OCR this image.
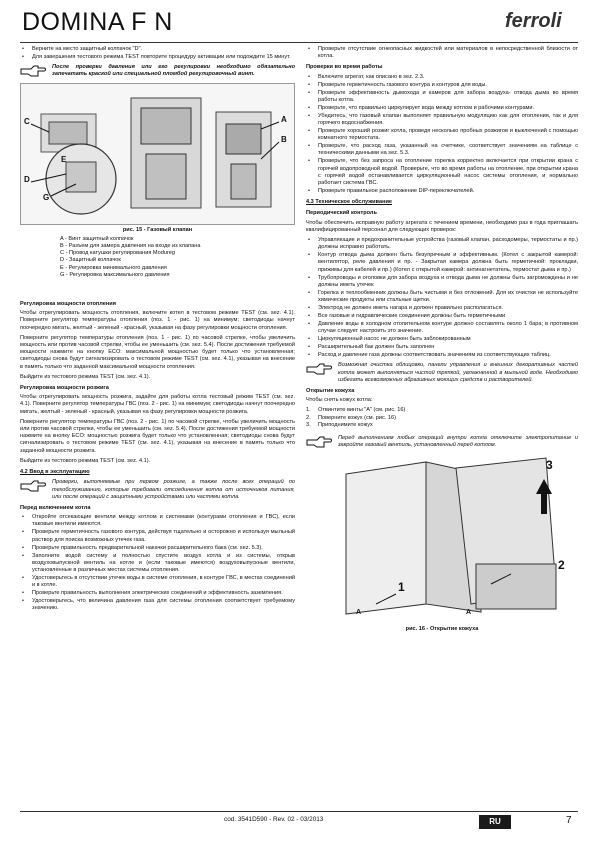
DOMINA F N	ferroli
• Верните на место защитный колпачок "D".
• Для завершения тестового режима TEST повторите процедуру активации или подождите 15 минут.
После проверки давления или его регулировки необходимо обязательно запечатать краской или специальной пломбой регулировочный винт.
C
D
E
G
A
B
рис. 15 - Газовый клапан
A - Винт защитный колпачок
B - Разъем для замера давления на входе из клапана
C - Провод катушки регулирования Modureg
D - Защитный колпачок
E - Регулировка минимального давления
G - Регулировка максимального давления
Регулировка мощности отопления

Чтобы отрегулировать мощность отопления, включите котел в тестовом режиме TEST (см. sez. 4.1). Поверните регулятор температуры отопления (поз. 1 - рис. 1) на минимум; светодиоды начнут поочередно мигать, желтый - зеленый - красный, указывая на фазу регулировки мощности отопления.

Поверните регулятор температуры отопления (поз. 1 - рис. 1) по часовой стрелке, чтобы увеличить мощность или против часовой стрелки, чтобы ее уменьшить (см. sez. 5.4). После достижения требуемой мощности нажмите на кнопку ECO: максимальной мощностью будет только что установленная; светодиоды снова будут сигнализировать о тестовом режиме TEST (см. sez. 4.1), указывая на внесение в память только что заданной максимальной мощности отопления.

Выйдите из тестового режима TEST (см. sez. 4.1).

Регулировка мощности розжига

Чтобы отрегулировать мощность розжига, задайте для работы котла тестовый режим TEST (см. sez. 4.1). Поверните регулятор температуры ГВС (поз. 2 - рис. 1) на минимум; светодиоды начнут поочередно мигать, желтый - зеленый - красный, указывая на фазу регулировки мощности розжига.

Поверните регулятор температуры ГВС (поз. 2 - рис. 1) по часовой стрелке, чтобы увеличить мощность или против часовой стрелки, чтобы ее уменьшить (см. sez. 5.4). После достижения требуемой мощности нажмите на кнопку ECO: мощностью розжига будет только что установленная; светодиоды снова будут сигнализировать о тестовом режиме TEST (см. sez. 4.1), указывая на внесение в память только что заданной мощности розжига.

Выйдите из тестового режима TEST (см. sez. 4.1).

4.2 Ввод в эксплуатацию
Проверки, выполняемые при первом розжиге, а также после всех операций по техобслуживанию, которые требовали отсоединения котла от источников питания, или после операций с защитными устройствами или частями котла.
Перед включением котла
• Откройте отсекающие вентили между котлом и системами (контурами отопления и ГВС), если таковые вентили имеются.
• Проверьте герметичность газового контура, действуя тщательно и осторожно и используя мыльный раствор для поиска возможных утечек газа.
• Проверьте правильность предварительной накачки расширительного бака (см. sez. 5.3).
• Заполните водой систему и полностью спустите воздух котла и из системы, открыв воздуховыпускной вентиль на котле и (если таковые имеются) воздуховыпускные вентили, установленные в различных местах системы отопления.
• Удостоверьтесь в отсутствии утечек воды в системе отопления, в контуре ГВС, в местах соединений и в котле.
• Проверьте правильность выполнения электрических соединений и эффективность заземления.
• Удостоверьтесь, что величина давления газа для системы отопления соответствует требуемому значению.
• Проверьте отсутствие огнеопасных жидкостей или материалов в непосредственной близости от котла.
Проверки во время работы
• Включите агрегат, как описано в sez. 2.3.
• Проверьте герметичность газового контура и контуров для воды.
• Проверьте эффективность дымохода и камеров для забора воздуха- отвода дыма во время работы котла.
• Проверьте, что правильно циркулирует вода между котлом и рабочими контурами.
• Убедитесь, что газовый клапан выполняет правильную модуляцию как для отопления, так и для горячего водоснабжения.
• Проверьте хороший розжиг котла, проведя несколько пробных розжигов и выключений с помощью комнатного термостата.
• Проверьте, что расход газа, указанный на счетчике, соответствует значениям на таблице с техническими данными на sez. 5.3.
• Проверьте, что без запроса на отопление горелка корректно включается при открытии крана с горячей водопроводной водой. Проверьте, что во время работы на отопление, при открытии крана с горячей водой останавливается циркуляционный насос системы отопления, и нормально работает система ГВС.
• Проверьте правильное расположение DIP-переключателей.
4.3 Техническое обслуживание
Периодический контроль

Чтобы обеспечить исправную работу агрегата с течением времени, необходимо раз в года приглашать квалифицированный персонал для следующих проверок:

• Управляющие и предохранительные устройства (газовый клапан, расходомеры, термостаты и пр.) должны исправно работать.
• Контур отвода дыма должен быть безупречным и эффективным. (Котел с закрытой камерой: вентилятор, реле давления и пр. - Закрытая камера должна быть герметичной: прокладки, прижимы для кабелей и пр.) (Котел с открытой камерой: антинагнетатель, термостат дыма и пр.)
• Трубопроводы и оголовки для забора воздуха и отвода дыма не должны быть загромождены и не должны иметь утечек
• Горелка и теплообменник должны быть чистыми и без отложений. Для их очистки не используйте химические продукты или стальные щетки.
• Электрод не должен иметь нагара и должен правильно располагаться.
• Все газовые и гидравлические соединения должны быть герметичными
• Давление воды в холодном отопительном контуре должно составлять около 1 бара; в противном случае следует настроить это значение.
• Циркуляционный насос не должен быть заблокированным
• Расширительный бак должен быть заполнен
• Расход и давление газа должны соответствовать значениям из соответствующих таблиц.
Возможная очистка облицовки, панели управления и внешних декоративных частей котла может выполняться чистой тряпкой, увлажненной в мыльной воде. Необходимо избегать всевозможных абразивных моющих средств и растворителей.
Открытие кожуха

Чтобы снять кожух котла:

1. Отвинтите винты "A" (см. рис. 16)
2. Поверните кожух (см. рис. 16)
3. Приподнимите кожух
Перед выполнением любых операций внутри котла отключите электропитание и закройте газовый вентиль, установленный перед котлом.
3
2
1
A	A
рис. 16 - Открытие кожуха
cod. 3541D590 - Rev. 02 - 03/2013	RU	7
